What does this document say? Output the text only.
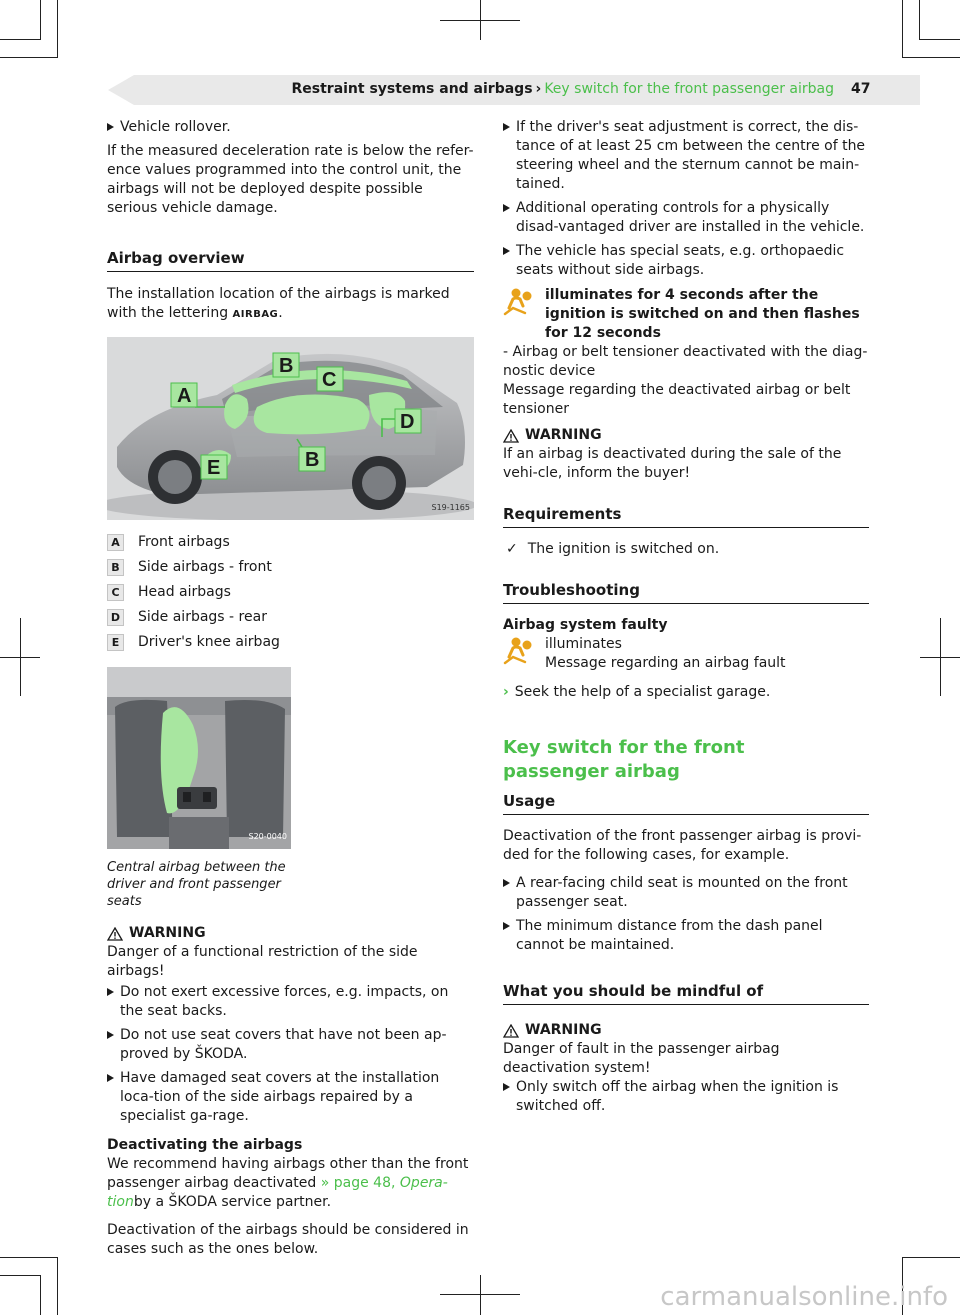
Restraint systems and airbags › Key switch for the front passenger airbag 47
Vehicle rollover.

If the measured deceleration rate is below the refer-ence values programmed into the control unit, the airbags will not be deployed despite possible serious vehicle damage.

Airbag overview

The installation location of the airbags is marked with the lettering AIRBAG.

A
B
C
D
E	B
S19-1165
A	Front airbags
B	Side airbags - front
C	Head airbags
D Side airbags - rear
E	Driver's knee airbag
S20-0040
Central airbag between the driver and front passenger seats
WARNING
Danger of a functional restriction of the side airbags!
Do not exert excessive forces, e.g. impacts, on the seat backs.
Do not use seat covers that have not been ap-proved by ŠKODA.
Have damaged seat covers at the installation loca-tion of the side airbags repaired by a specialist ga-rage.
Deactivating the airbags

We recommend having airbags other than the front passenger airbag deactivated » page 48, Opera-tionby a ŠKODA service partner.

Deactivation of the airbags should be considered in cases such as the ones below.

If the driver's seat adjustment is correct, the dis-tance of at least 25 cm between the centre of the steering wheel and the sternum cannot be main-tained.
Additional operating controls for a physically disad-vantaged driver are installed in the vehicle.
The vehicle has special seats, e.g. orthopaedic seats without side airbags.
illuminates for 4 seconds after the ignition is switched on and then flashes for 12 seconds
- Airbag or belt tensioner deactivated with the diag-nostic device
Message regarding the deactivated airbag or belt tensioner
WARNING
If an airbag is deactivated during the sale of the vehi-cle, inform the buyer!
Requirements
✓ The ignition is switched on.
Troubleshooting
Airbag system faulty
illuminates
Message regarding an airbag fault
› Seek the help of a specialist garage.
Key switch for the front passenger airbag
Usage

Deactivation of the front passenger airbag is provi-ded for the following cases, for example.

A rear-facing child seat is mounted on the front passenger seat.
The minimum distance from the dash panel cannot be maintained.
What you should be mindful of
WARNING
Danger of fault in the passenger airbag deactivation system!
Only switch off the airbag when the ignition is switched off.
carmanualsonline.info
